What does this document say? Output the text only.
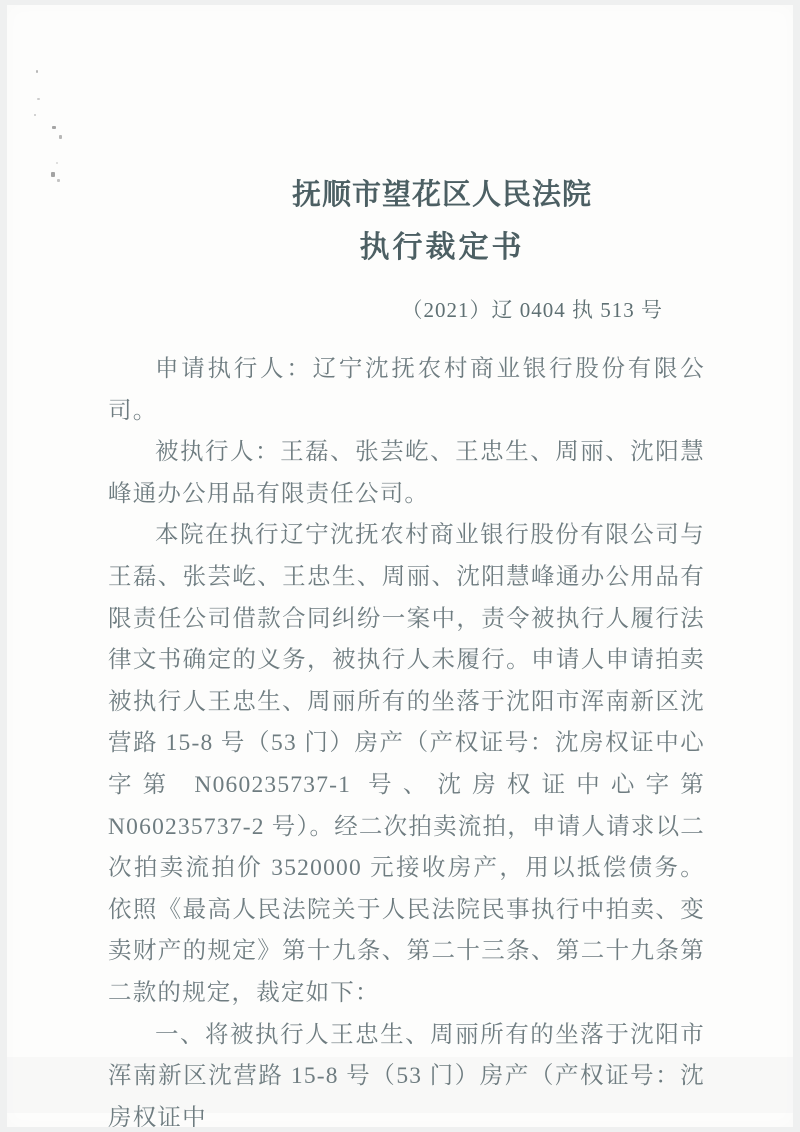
抚顺市望花区人民法院
执行裁定书
（2021）辽 0404 执 513 号

申请执行人：辽宁沈抚农村商业银行股份有限公司。

被执行人：王磊、张芸屹、王忠生、周丽、沈阳慧峰通办公用品有限责任公司。

本院在执行辽宁沈抚农村商业银行股份有限公司与王磊、张芸屹、王忠生、周丽、沈阳慧峰通办公用品有限责任公司借款合同纠纷一案中，责令被执行人履行法律文书确定的义务，被执行人未履行。申请人申请拍卖被执行人王忠生、周丽所有的坐落于沈阳市浑南新区沈营路 15-8 号（53 门）房产（产权证号：沈房权证中心字第 N060235737-1 号、沈房权证中心字第 N060235737-2 号）。经二次拍卖流拍，申请人请求以二次拍卖流拍价 3520000 元接收房产，用以抵偿债务。依照《最高人民法院关于人民法院民事执行中拍卖、变卖财产的规定》第十九条、第二十三条、第二十九条第二款的规定，裁定如下：

一、将被执行人王忠生、周丽所有的坐落于沈阳市浑南新区沈营路 15-8 号（53 门）房产（产权证号：沈房权证中
